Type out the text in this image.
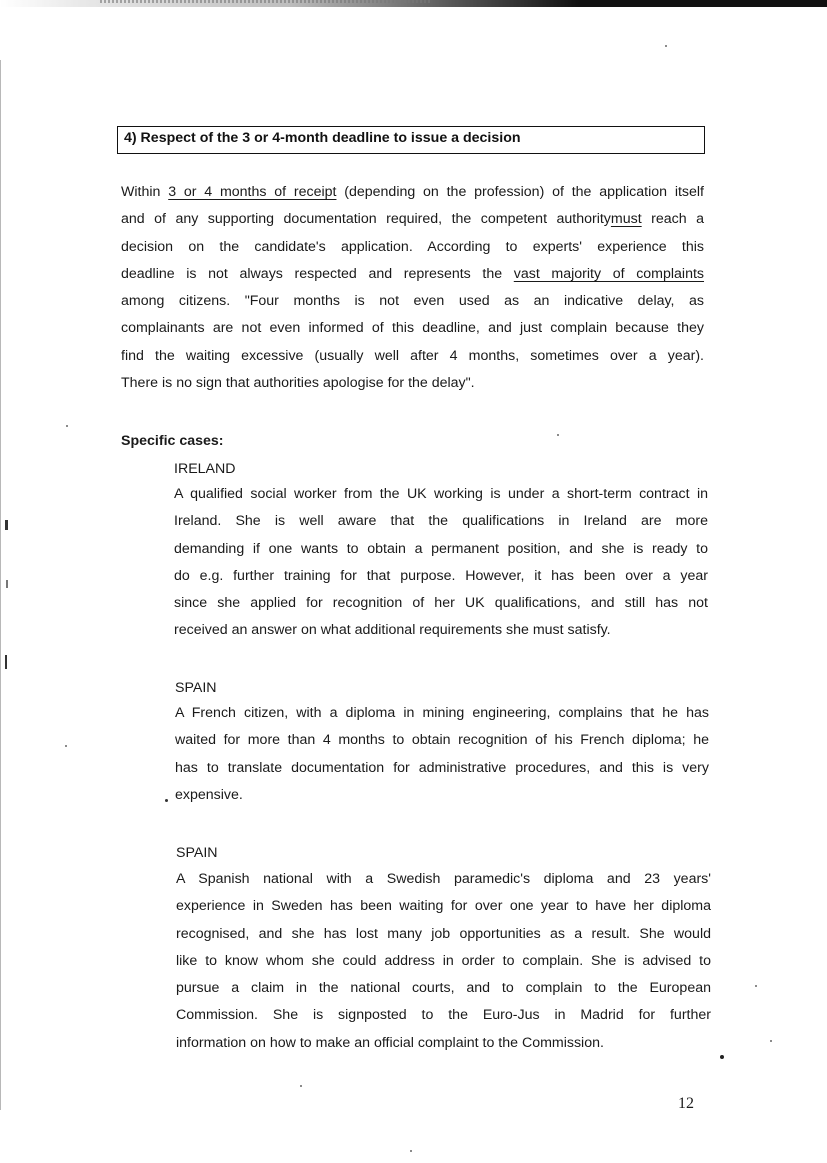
4) Respect of the 3 or 4-month deadline to issue a decision
Within 3 or 4 months of receipt (depending on the profession) of the application itself
and of any supporting documentation required, the competent authoritymust reach a
decision on the candidate's application. According to experts' experience this
deadline is not always respected and represents the vast majority of complaints
among citizens. "Four months is not even used as an indicative delay, as
complainants are not even informed of this deadline, and just complain because they
find the waiting excessive (usually well after 4 months, sometimes over a year).
There is no sign that authorities apologise for the delay".
Specific cases:
IRELAND
A qualified social worker from the UK working is under a short-term contract in
Ireland. She is well aware that the qualifications in Ireland are more
demanding if one wants to obtain a permanent position, and she is ready to
do e.g. further training for that purpose. However, it has been over a year
since she applied for recognition of her UK qualifications, and still has not
received an answer on what additional requirements she must satisfy.
SPAIN
A French citizen, with a diploma in mining engineering, complains that he has
waited for more than 4 months to obtain recognition of his French diploma; he
has to translate documentation for administrative procedures, and this is very
expensive.
SPAIN
A Spanish national with a Swedish paramedic's diploma and 23 years'
experience in Sweden has been waiting for over one year to have her diploma
recognised, and she has lost many job opportunities as a result. She would
like to know whom she could address in order to complain. She is advised to
pursue a claim in the national courts, and to complain to the European
Commission. She is signposted to the Euro-Jus in Madrid for further
information on how to make an official complaint to the Commission.
12
